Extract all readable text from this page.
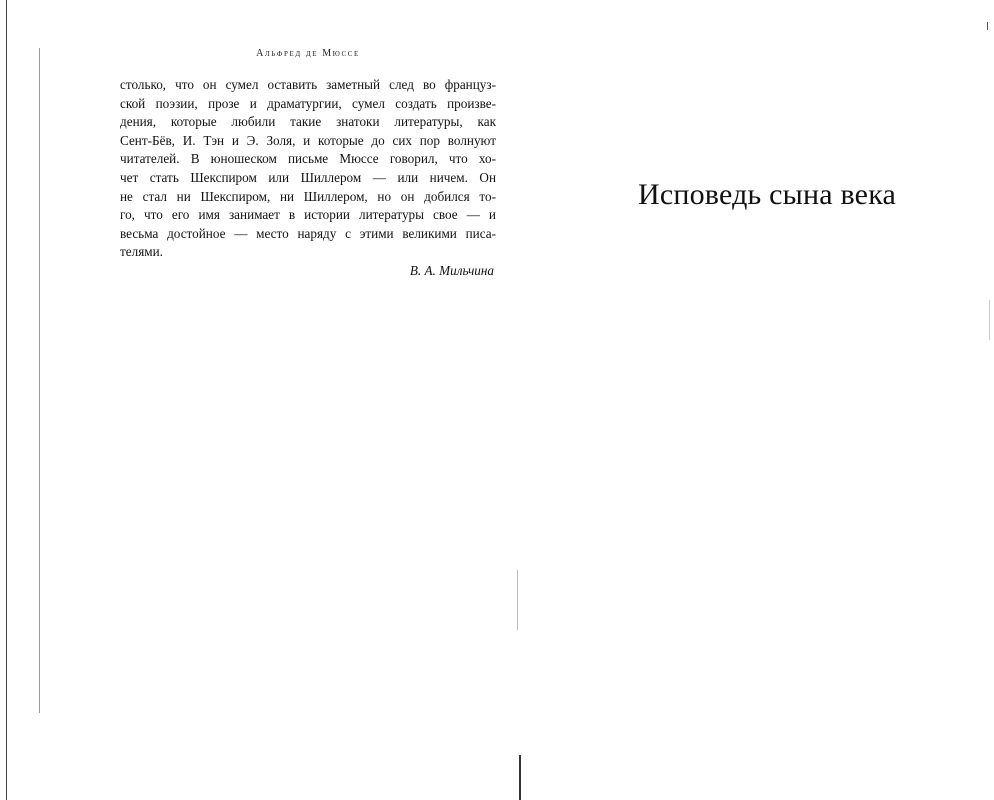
Альфред де Мюссе

столько, что он сумел оставить заметный след во француз-
ской поэзии, прозе и драматургии, сумел создать произве-
дения, которые любили такие знатоки литературы, как
Сент-Бёв, И. Тэн и Э. Золя, и которые до сих пор волнуют
читателей. В юношеском письме Мюссе говорил, что хо-
чет стать Шекспиром или Шиллером — или ничем. Он
не стал ни Шекспиром, ни Шиллером, но он добился то-
го, что его имя занимает в истории литературы свое — и
весьма достойное — место наряду с этими великими писа-
телями.

В. А. Мильчина
Исповедь сына века
